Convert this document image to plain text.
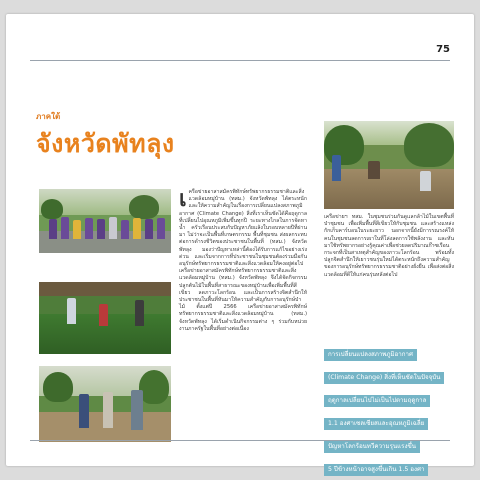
75
ภาคใต้
จังหวัดพัทลุง
เ ครือข่ายอาสาสมัครพิทักษ์ทรัพยากรธรรมชาติและสิ่งแวดล้อมหมู่บ้าน (ทสม.) จังหวัดพัทลุง ได้ตระหนักและให้ความสำคัญในเรื่องการเปลี่ยนแปลงสภาพภูมิอากาศ (Climate Change) สิ่งที่เราเห็นชัดได้คือฤดูกาลที่เปลี่ยนไปอุณหภูมิเพิ่มขึ้นทุกปี ระยะทางไกลในการจัดหาน้ำ ครัวเรือนประสบกับปัญหาภัยแล้งในรอบหลายปีที่ผ่านมา ไม่ว่าจะเป็นพื้นที่เกษตรกรรม พื้นที่ชุมชน ส่งผลกระทบต่อการดำรงชีวิตของประชาชนในพื้นที่ (ทสม.) จังหวัดพัทลุง มองว่าปัญหาเหล่านี้ต้องได้รับการแก้ไขอย่างเร่งด่วน และเริ่มจากการที่ประชาชนในชุมชนต้องร่วมมือกันอนุรักษ์ทรัพยากรธรรมชาติและสิ่งแวดล้อมให้คงอยู่ต่อไป เครือข่ายอาสาสมัครพิทักษ์ทรัพยากรธรรมชาติและสิ่งแวดล้อมหมู่บ้าน (ทสม.) จังหวัดพัทลุง จึงได้จัดกิจกรรมปลูกต้นไม้ในพื้นที่สาธารณะของหมู่บ้านเพื่อเพิ่มพื้นที่สีเขียว ลดภาวะโลกร้อน และเป็นการสร้างจิตสำนึกให้ประชาชนในพื้นที่หันมาให้ความสำคัญกับการอนุรักษ์ป่าไม้ ตั้งแต่ปี 2566 เครือข่ายอาสาสมัครพิทักษ์ทรัพยากรธรรมชาติและสิ่งแวดล้อมหมู่บ้าน (ทสม.) จังหวัดพัทลุง ได้เริ่มดำเนินกิจกรรมต่าง ๆ ร่วมกับหน่วยงานภาครัฐในพื้นที่อย่างต่อเนื่อง
เครือข่ายฯ ทสม. ในชุมชนร่วมกันดูแลกล้าไม้ในเขตพื้นที่ป่าชุมชน เพื่อเพิ่มพื้นที่สีเขียวให้กับชุมชน และสร้างแหล่งกักเก็บคาร์บอนในระยะยาว นอกจากนี้ยังมีการรณรงค์ให้คนในชุมชนลดการเผาในที่โล่งลดการใช้พลังงาน และหันมาใช้ทรัพยากรอย่างรู้คุณค่าเพื่อช่วยลดปริมาณก๊าซเรือนกระจกที่เป็นสาเหตุสำคัญของภาวะโลกร้อน พร้อมทั้งปลูกจิตสำนึกให้เยาวชนรุ่นใหม่ได้ตระหนักถึงความสำคัญของการอนุรักษ์ทรัพยากรธรรมชาติอย่างยั่งยืน เพื่อส่งต่อสิ่งแวดล้อมที่ดีให้แก่คนรุ่นหลังต่อไป
การเปลี่ยนแปลงสภาพภูมิอากาศ
(Climate Change) สิ่งที่เห็นชัดในปัจจุบัน
ฤดูกาลเปลี่ยนไปไม่เป็นไปตามฤดูกาล
1.1 องศาเซลเซียสและอุณหภูมิเฉลี่ย
ปัญหาโลกร้อนทวีความรุนแรงขึ้น
5 ปีข้างหน้าอาจสูงขึ้นเกิน 1.5 องศา
